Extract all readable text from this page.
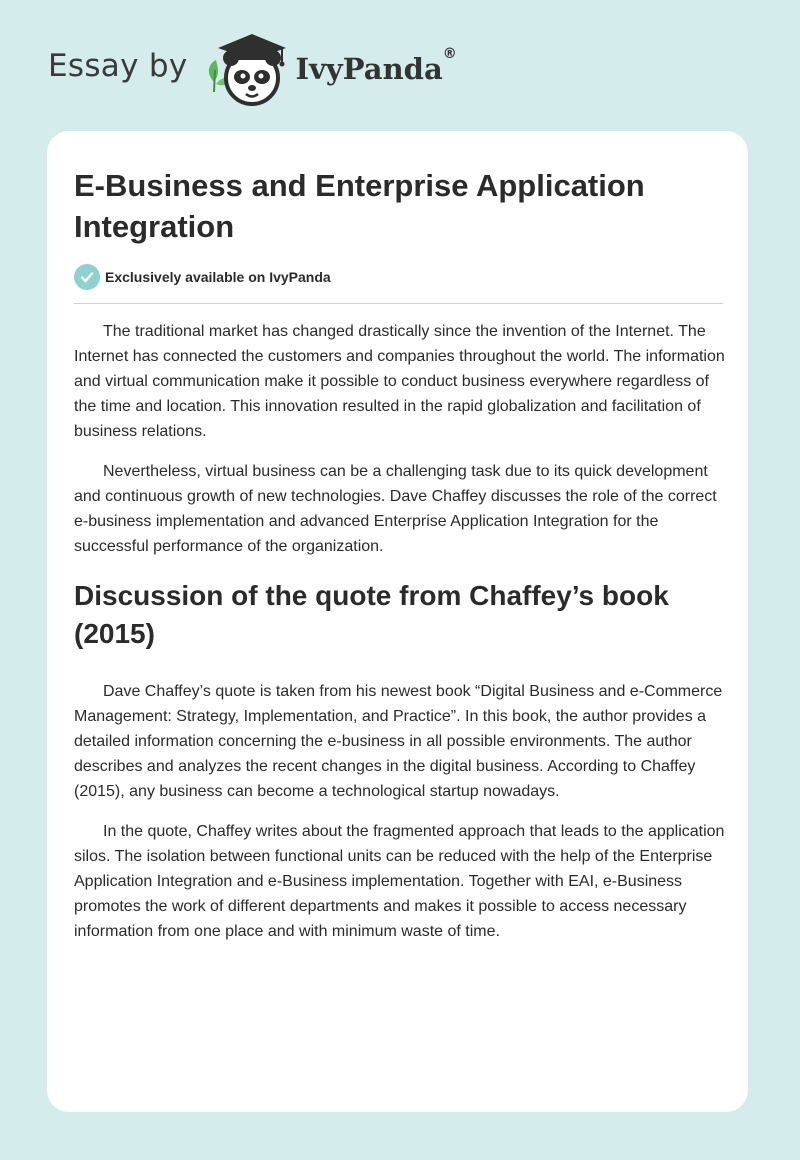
Essay by	IvyPanda®
E-Business and Enterprise Application Integration
Exclusively available on IvyPanda

The traditional market has changed drastically since the invention of the Internet. The Internet has connected the customers and companies throughout the world. The information and virtual communication make it possible to conduct business everywhere regardless of the time and location. This innovation resulted in the rapid globalization and facilitation of business relations.

Nevertheless, virtual business can be a challenging task due to its quick development and continuous growth of new technologies. Dave Chaffey discusses the role of the correct e-business implementation and advanced Enterprise Application Integration for the successful performance of the organization.

Discussion of the quote from Chaffey’s book (2015)

Dave Chaffey’s quote is taken from his newest book “Digital Business and e-Commerce Management: Strategy, Implementation, and Practice”. In this book, the author provides a detailed information concerning the e-business in all possible environments. The author describes and analyzes the recent changes in the digital business. According to Chaffey (2015), any business can become a technological startup nowadays.

In the quote, Chaffey writes about the fragmented approach that leads to the application silos. The isolation between functional units can be reduced with the help of the Enterprise Application Integration and e-Business implementation. Together with EAI, e-Business promotes the work of different departments and makes it possible to access necessary information from one place and with minimum waste of time.
